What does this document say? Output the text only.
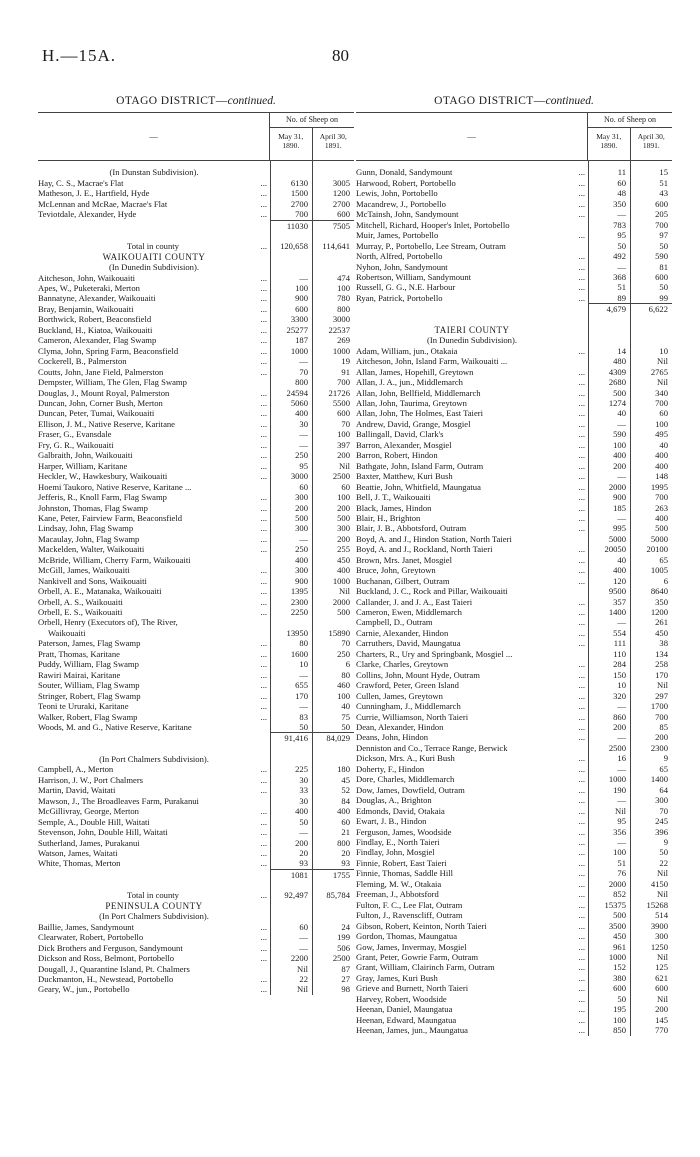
H.—15A.	80
OTAGO DISTRICT—continued.
—
No. of Sheep on
May 31, 1890.
April 30, 1891.
(In Dunstan Subdivision).
Hay, C. S., Macrae's Flat	...	6130	3005
Matheson, J. E., Hartfield, Hyde	...	1500	1200
McLennan and McRae, Macrae's Flat	...	2700	2700
Teviotdale, Alexander, Hyde	...	700	600
11030	7505
Total in county	...	120,658	114,641
WAIKOUAITI COUNTY
(In Dunedin Subdivision).
Aitcheson, John, Waikouaiti	...	—	474
Apes, W., Puketeraki, Merton	...	100	100
Bannatyne, Alexander, Waikouaiti	...	900	780
Bray, Benjamin, Waikouaiti	...	600	800
Borthwick, Robert, Beaconsfield	...	3300	3000
Buckland, H., Kiatoa, Waikouaiti	...	25277	22537
Cameron, Alexander, Flag Swamp	...	187	269
Clyma, John, Spring Farm, Beaconsfield	...	1000	1000
Cockerell, B., Palmerston	...	—	19
Coutts, John, Jane Field, Palmerston	...	70	91
Dempster, William, The Glen, Flag Swamp	800	700
Douglas, J., Mount Royal, Palmerston	...	24594	21726
Duncan, John, Corner Bush, Merton	...	5060	5500
Duncan, Peter, Tumai, Waikouaiti	...	400	600
Ellison, J. M., Native Reserve, Karitane	...	30	70
Fraser, G., Evansdale	...	—	100
Fry, G. R., Waikouaiti	...	—	397
Galbraith, John, Waikouaiti	...	250	200
Harper, William, Karitane	...	95	Nil
Heckler, W., Hawkesbury, Waikouaiti	...	3000	2500
Hoemi Taukoro, Native Reserve, Karitane ...	60	60
Jefferis, R., Knoll Farm, Flag Swamp	...	300	100
Johnston, Thomas, Flag Swamp	...	200	200
Kane, Peter, Fairview Farm, Beaconsfield	...	500	500
Lindsay, John, Flag Swamp	...	300	300
Macaulay, John, Flag Swamp	...	—	200
Mackelden, Walter, Waikouaiti	...	250	255
McBride, William, Cherry Farm, Waikouaiti	400	450
McGill, James, Waikouaiti	...	300	400
Nankivell and Sons, Waikouaiti	...	900	1000
Orbell, A. E., Matanaka, Waikouaiti	...	1395	Nil
Orbell, A. S., Waikouaiti	...	2300	2000
Orbell, E. S., Waikouaiti	...	2250	500
Orbell, Henry (Executors of), The River,
Waikouaiti	13950	15890
Paterson, James, Flag Swamp	...	80	70
Pratt, Thomas, Karitane	...	1600	250
Puddy, William, Flag Swamp	...	10	6
Rawiri Mairai, Karitane	...	—	80
Souter, William, Flag Swamp	...	655	460
Stringer, Robert, Flag Swamp	...	170	100
Teoni te Ururaki, Karitane	...	—	40
Walker, Robert, Flag Swamp	...	83	75
Woods, M. and G., Native Reserve, Karitane	50	50
91,416	84,029
(In Port Chalmers Subdivision).
Campbell, A., Merton	...	225	180
Harrison, J. W., Port Chalmers	...	30	45
Martin, David, Waitati	...	33	52
Mawson, J., The Broadleaves Farm, Purakanui	30	84
McGillivray, George, Merton	...	400	400
Semple, A., Double Hill, Waitati	...	50	60
Stevenson, John, Double Hill, Waitati	...	—	21
Sutherland, James, Purakanui	...	200	800
Watson, James, Waitati	...	20	20
White, Thomas, Merton	...	93	93
1081	1755
Total in county	...	92,497	85,784
PENINSULA COUNTY
(In Port Chalmers Subdivision).
Baillie, James, Sandymount	...	60	24
Clearwater, Robert, Portobello	...	—	199
Dick Brothers and Ferguson, Sandymount	...	—	506
Dickson and Ross, Belmont, Portobello	...	2200	2500
Dougall, J., Quarantine Island, Pt. Chalmers	Nil	87
Duckmanton, H., Newstead, Portobello	...	22	27
Geary, W., jun., Portobello	...	Nil	98
OTAGO DISTRICT—continued.
—
No. of Sheep on
May 31, 1890.
April 30, 1891.
Gunn, Donald, Sandymount	...	11	15
Harwood, Robert, Portobello	...	60	51
Lewis, John, Portobello	...	48	43
Macandrew, J., Portobello	...	350	600
McTainsh, John, Sandymount	...	—	205
Mitchell, Richard, Hooper's Inlet, Portobello	783	700
Muir, James, Portobello	...	95	97
Murray, P., Portobello, Lee Stream, Outram	50	50
North, Alfred, Portobello	...	492	590
Nyhon, John, Sandymount	...	—	81
Robertson, William, Sandymount	...	368	600
Russell, G. G., N.E. Harbour	...	51	50
Ryan, Patrick, Portobello	...	89	99
4,679	6,622
TAIERI COUNTY
(In Dunedin Subdivision).
Adam, William, jun., Otakaia	...	14	10
Aitcheson, John, Island Farm, Waikouaiti ...	480	Nil
Allan, James, Hopehill, Greytown	...	4309	2765
Allan, J. A., jun., Middlemarch	...	2680	Nil
Allan, John, Bellfield, Middlemarch	...	500	340
Allan, John, Taurima, Greytown	...	1274	700
Allan, John, The Holmes, East Taieri	...	40	60
Andrew, David, Grange, Mosgiel	...	—	100
Ballingall, David, Clark's	...	590	495
Barron, Alexander, Mosgiel	...	100	40
Barron, Robert, Hindon	...	400	400
Bathgate, John, Island Farm, Outram	...	200	400
Baxter, Matthew, Kuri Bush	...	—	148
Beattie, John, Whitfield, Maungatua	...	2000	1995
Bell, J. T., Waikouaiti	...	900	700
Black, James, Hindon	...	185	263
Blair, H., Brighton	...	—	400
Blair, J. B., Abbotsford, Outram	...	995	500
Boyd, A. and J., Hindon Station, North Taieri	5000	5000
Boyd, A. and J., Rockland, North Taieri	...	20050	20100
Brown, Mrs. Janet, Mosgiel	...	40	65
Bruce, John, Greytown	...	400	1005
Buchanan, Gilbert, Outram	...	120	6
Buckland, J. C., Rock and Pillar, Waikouaiti	9500	8640
Callander, J. and J. A., East Taieri	...	357	350
Cameron, Ewen, Middlemarch	...	1400	1200
Campbell, D., Outram	...	—	261
Carnie, Alexander, Hindon	...	554	450
Carruthers, David, Maungatua	...	111	38
Charters, R., Ury and Springbank, Mosgiel ...	110	134
Clarke, Charles, Greytown	...	284	258
Collins, John, Mount Hyde, Outram	...	150	170
Crawford, Peter, Green Island	...	10	Nil
Cullen, James, Greytown	...	320	297
Cunningham, J., Middlemarch	...	—	1700
Currie, Williamson, North Taieri	...	860	700
Dean, Alexander, Hindon	...	200	85
Deans, John, Hindon	...	—	200
Denniston and Co., Terrace Range, Berwick	2500	2300
Dickson, Mrs. A., Kuri Bush	...	16	9
Doherty, F., Hindon	...	—	65
Dore, Charles, Middlemarch	...	1000	1400
Dow, James, Dowfield, Outram	...	190	64
Douglas, A., Brighton	...	—	300
Edmonds, David, Otakaia	...	Nil	70
Ewart, J. B., Hindon	...	95	245
Ferguson, James, Woodside	...	356	396
Findlay, E., North Taieri	...	—	9
Findlay, John, Mosgiel	...	100	50
Finnie, Robert, East Taieri	...	51	22
Finnie, Thomas, Saddle Hill	...	76	Nil
Fleming, M. W., Otakaia	...	2000	4150
Freeman, J., Abbotsford	...	852	Nil
Fulton, F. C., Lee Flat, Outram	...	15375	15268
Fulton, J., Ravenscliff, Outram	...	500	514
Gibson, Robert, Keinton, North Taieri	...	3500	3900
Gordon, Thomas, Maungatua	...	450	300
Gow, James, Invermay, Mosgiel	...	961	1250
Grant, Peter, Gowrie Farm, Outram	...	1000	Nil
Grant, William, Clairinch Farm, Outram	...	152	125
Gray, James, Kuri Bush	...	380	621
Grieve and Burnett, North Taieri	...	600	600
Harvey, Robert, Woodside	...	50	Nil
Heenan, Daniel, Maungatua	...	195	200
Heenan, Edward, Maungatua	...	100	145
Heenan, James, jun., Maungatua	...	850	770
